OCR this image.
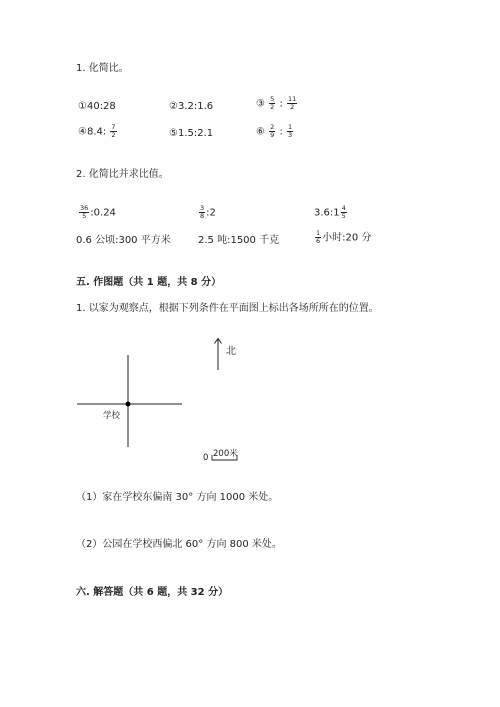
1. 化简比。
①40:28	②3.2:1.6	③ $\frac{5}{2}$ : $\frac{11}{2}$
④8.4: $\frac{7}{2}$	⑤1.5:2.1	⑥ $\frac{2}{9}$ : $\frac{1}{3}$
2. 化简比并求比值。
$\frac{36}{5}$ :0.24	$\frac{3}{8}$ :2	3.6:1 $\frac{4}{5}$
0.6 公顷:300 平方米	2.5 吨:1500 千克	$\frac{1}{6}$ 小时:20 分
五. 作图题（共 1 题，共 8 分）
1. 以家为观察点，根据下列条件在平面图上标出各场所所在的位置。
北
学校
0 200米
（1）家在学校东偏南 30° 方向 1000 米处。
（2）公园在学校西偏北 60° 方向 800 米处。
六. 解答题（共 6 题，共 32 分）
